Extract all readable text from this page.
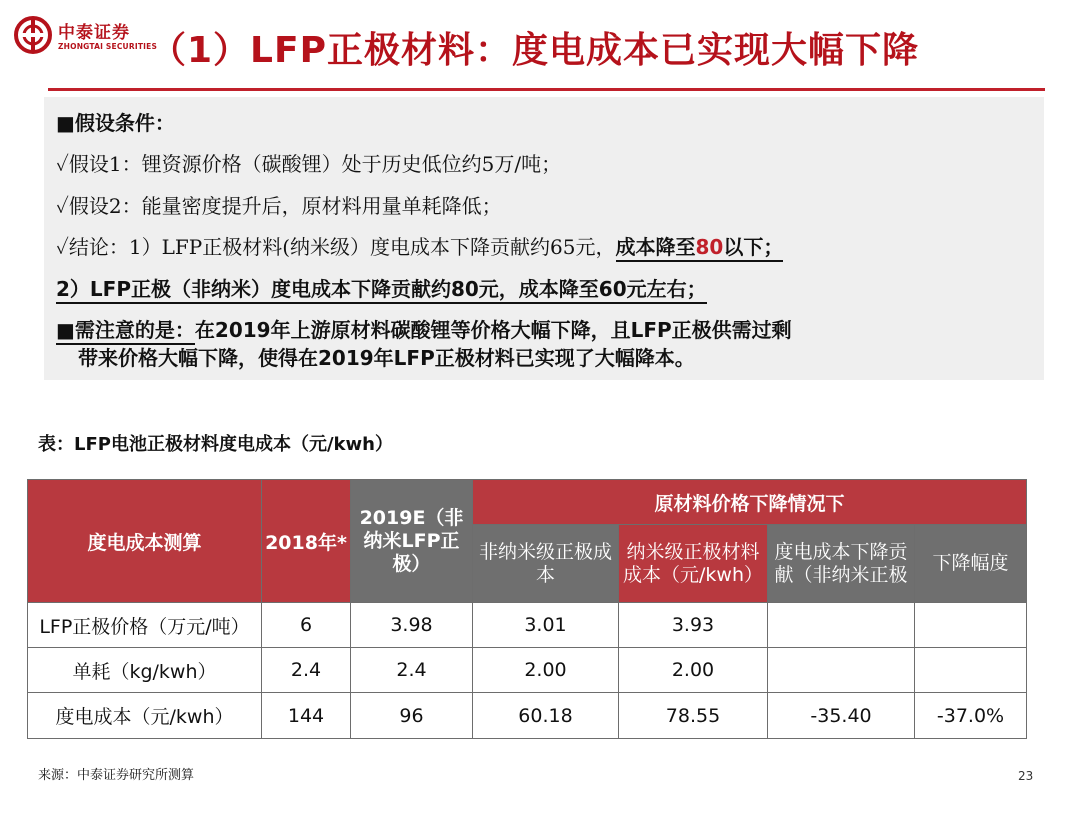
中泰证券
ZHONGTAI SECURITIES
（1）LFP正极材料：度电成本已实现大幅下降
■假设条件：
✓假设1：锂资源价格（碳酸锂）处于历史低位约5万/吨；
✓假设2：能量密度提升后，原材料用量单耗降低；
✓结论：1）LFP正极材料(纳米级）度电成本下降贡献约65元，成本降至80以下；
2）LFP正极（非纳米）度电成本下降贡献约80元，成本降至60元左右；
■需注意的是：在2019年上游原材料碳酸锂等价格大幅下降，且LFP正极供需过剩
带来价格大幅下降，使得在2019年LFP正极材料已实现了大幅降本。
表：LFP电池正极材料度电成本（元/kwh）
度电成本测算	2018年*	2019E（非纳米LFP正极）	原材料价格下降情况下			
			非纳米级正极成本	纳米级正极材料成本（元/kwh）	度电成本下降贡献（非纳米正极	下降幅度
LFP正极价格（万元/吨）	6	3.98	3.01	3.93		
单耗（kg/kwh）	2.4	2.4	2.00	2.00		
度电成本（元/kwh）	144	96	60.18	78.55	-35.40	-37.0%
来源：中泰证券研究所测算	23
